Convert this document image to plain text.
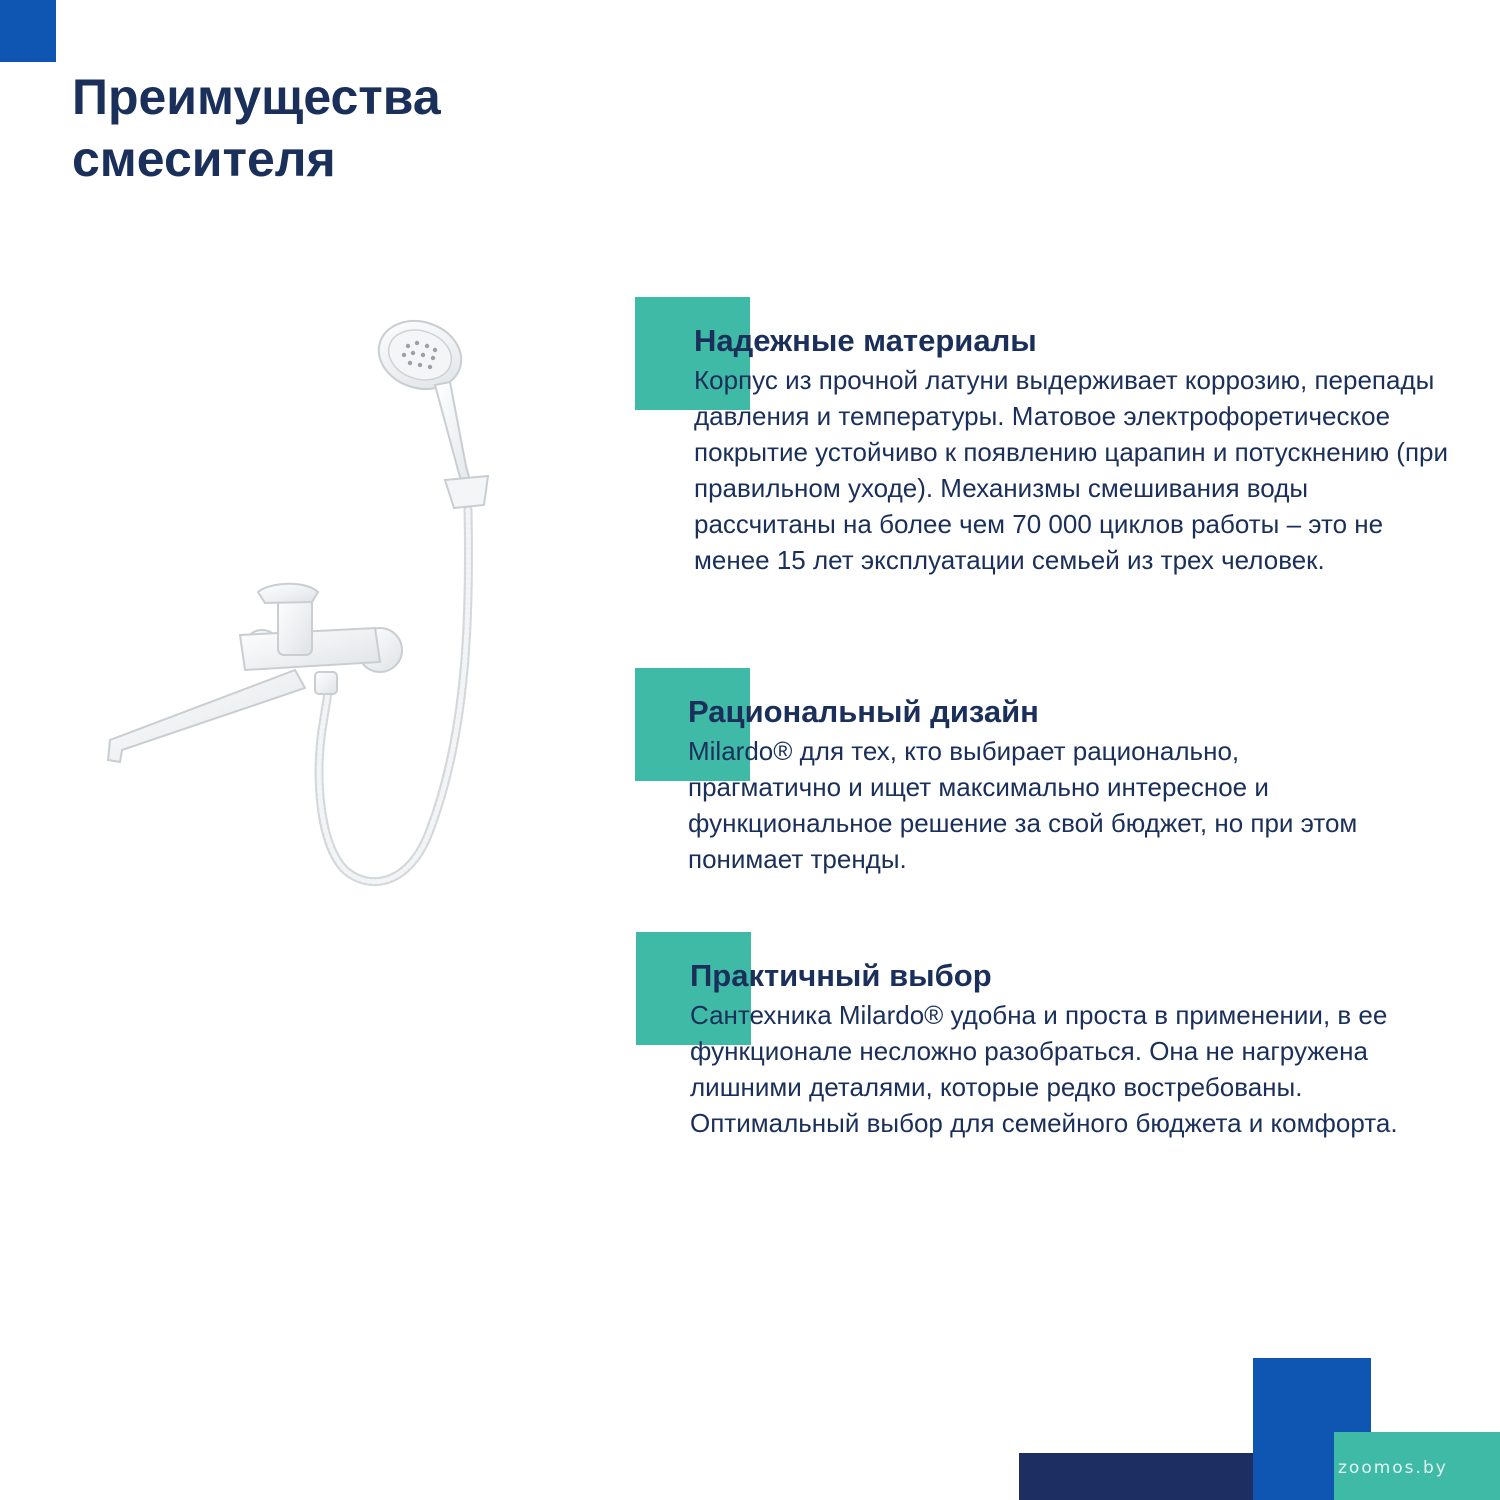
Преимущества
смесителя
Надежные материалы

Корпус из прочной латуни выдерживает коррозию, перепады давления и температуры. Матовое электрофоретическое покрытие устойчиво к появлению царапин и потускнению (при правильном уходе). Механизмы смешивания воды рассчитаны на более чем 70 000 циклов работы – это не менее 15 лет эксплуатации семьей из трех человек.

Рациональный дизайн

Milardo® для тех, кто выбирает рационально, прагматично и ищет максимально интересное и функциональное решение за свой бюджет, но при этом понимает тренды.

Практичный выбор

Сантехника Milardo® удобна и проста в применении, в ее функционале несложно разобраться. Она не нагружена лишними деталями, которые редко востребованы. Оптимальный выбор для семейного бюджета и комфорта.

zoomos.by
